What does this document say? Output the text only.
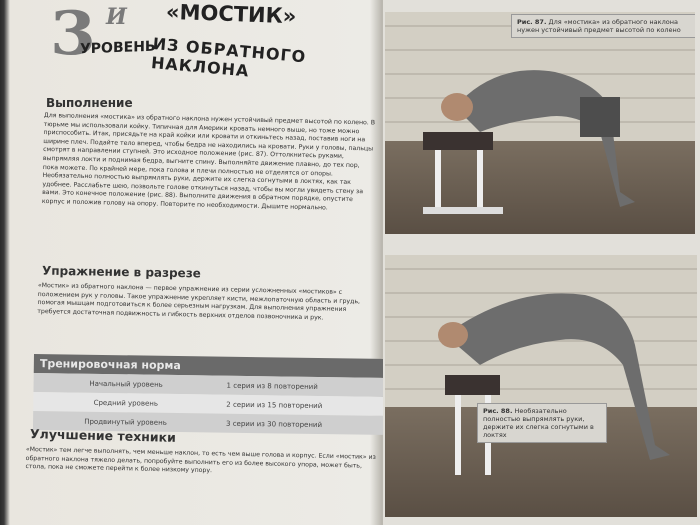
3 И
УРОВЕНЬ
«МОСТИК»
ИЗ ОБРАТНОГО НАКЛОНА
Выполнение
Для выполнения «мостика» из обратного наклона нужен устойчивый предмет высотой по колено. В тюрьме мы использовали койку. Типичная для Америки кровать немного выше, но тоже можно приспособить. Итак, присядьте на край койки или кровати и откиньтесь назад, поставив ноги на ширине плеч. Подайте тело вперед, чтобы бедра не находились на кровати. Руки у головы, пальцы смотрят в направлении ступней. Это исходное положение (рис. 87). Оттолкнитесь руками, выпрямляя локти и поднимая бедра, выгните спину. Выполняйте движение плавно, до тех пор, пока можете. По крайней мере, пока голова и плечи полностью не отделятся от опоры. Необязательно полностью выпрямлять руки, держите их слегка согнутыми в локтях, как так удобнее. Расслабьте шею, позвольте голове откинуться назад, чтобы вы могли увидеть стену за вами. Это конечное положение (рис. 88). Выполните движения в обратном порядке, опустите корпус и положив голову на опору. Повторите по необходимости. Дышите нормально.
Упражнение в разрезе
«Мостик» из обратного наклона — первое упражнение из серии усложненных «мостиков» с положением рук у головы. Такое упражнение укрепляет кисти, межлопаточную область и грудь, помогая мышцам подготовиться к более серьезным нагрузкам. Для выполнения упражнения требуется достаточная подвижность и гибкость верхних отделов позвоночника и рук.
Тренировочная норма
Начальный уровень	1 серия из 8 повторений
Средний уровень	2 серии из 15 повторений
Продвинутый уровень	3 серии из 30 повторений
Улучшение техники
«Мостик» тем легче выполнять, чем меньше наклон, то есть чем выше голова и корпус. Если «мостик» из обратного наклона тяжело делать, попробуйте выполнить его из более высокого упора, может быть, стола, пока не сможете перейти к более низкому упору.
Рис. 87. Для «мостика» из обратного наклона нужен устойчивый предмет высотой по колено
Рис. 88. Необязательно полностью выпрямлять руки, держите их слегка согнутыми в локтях
